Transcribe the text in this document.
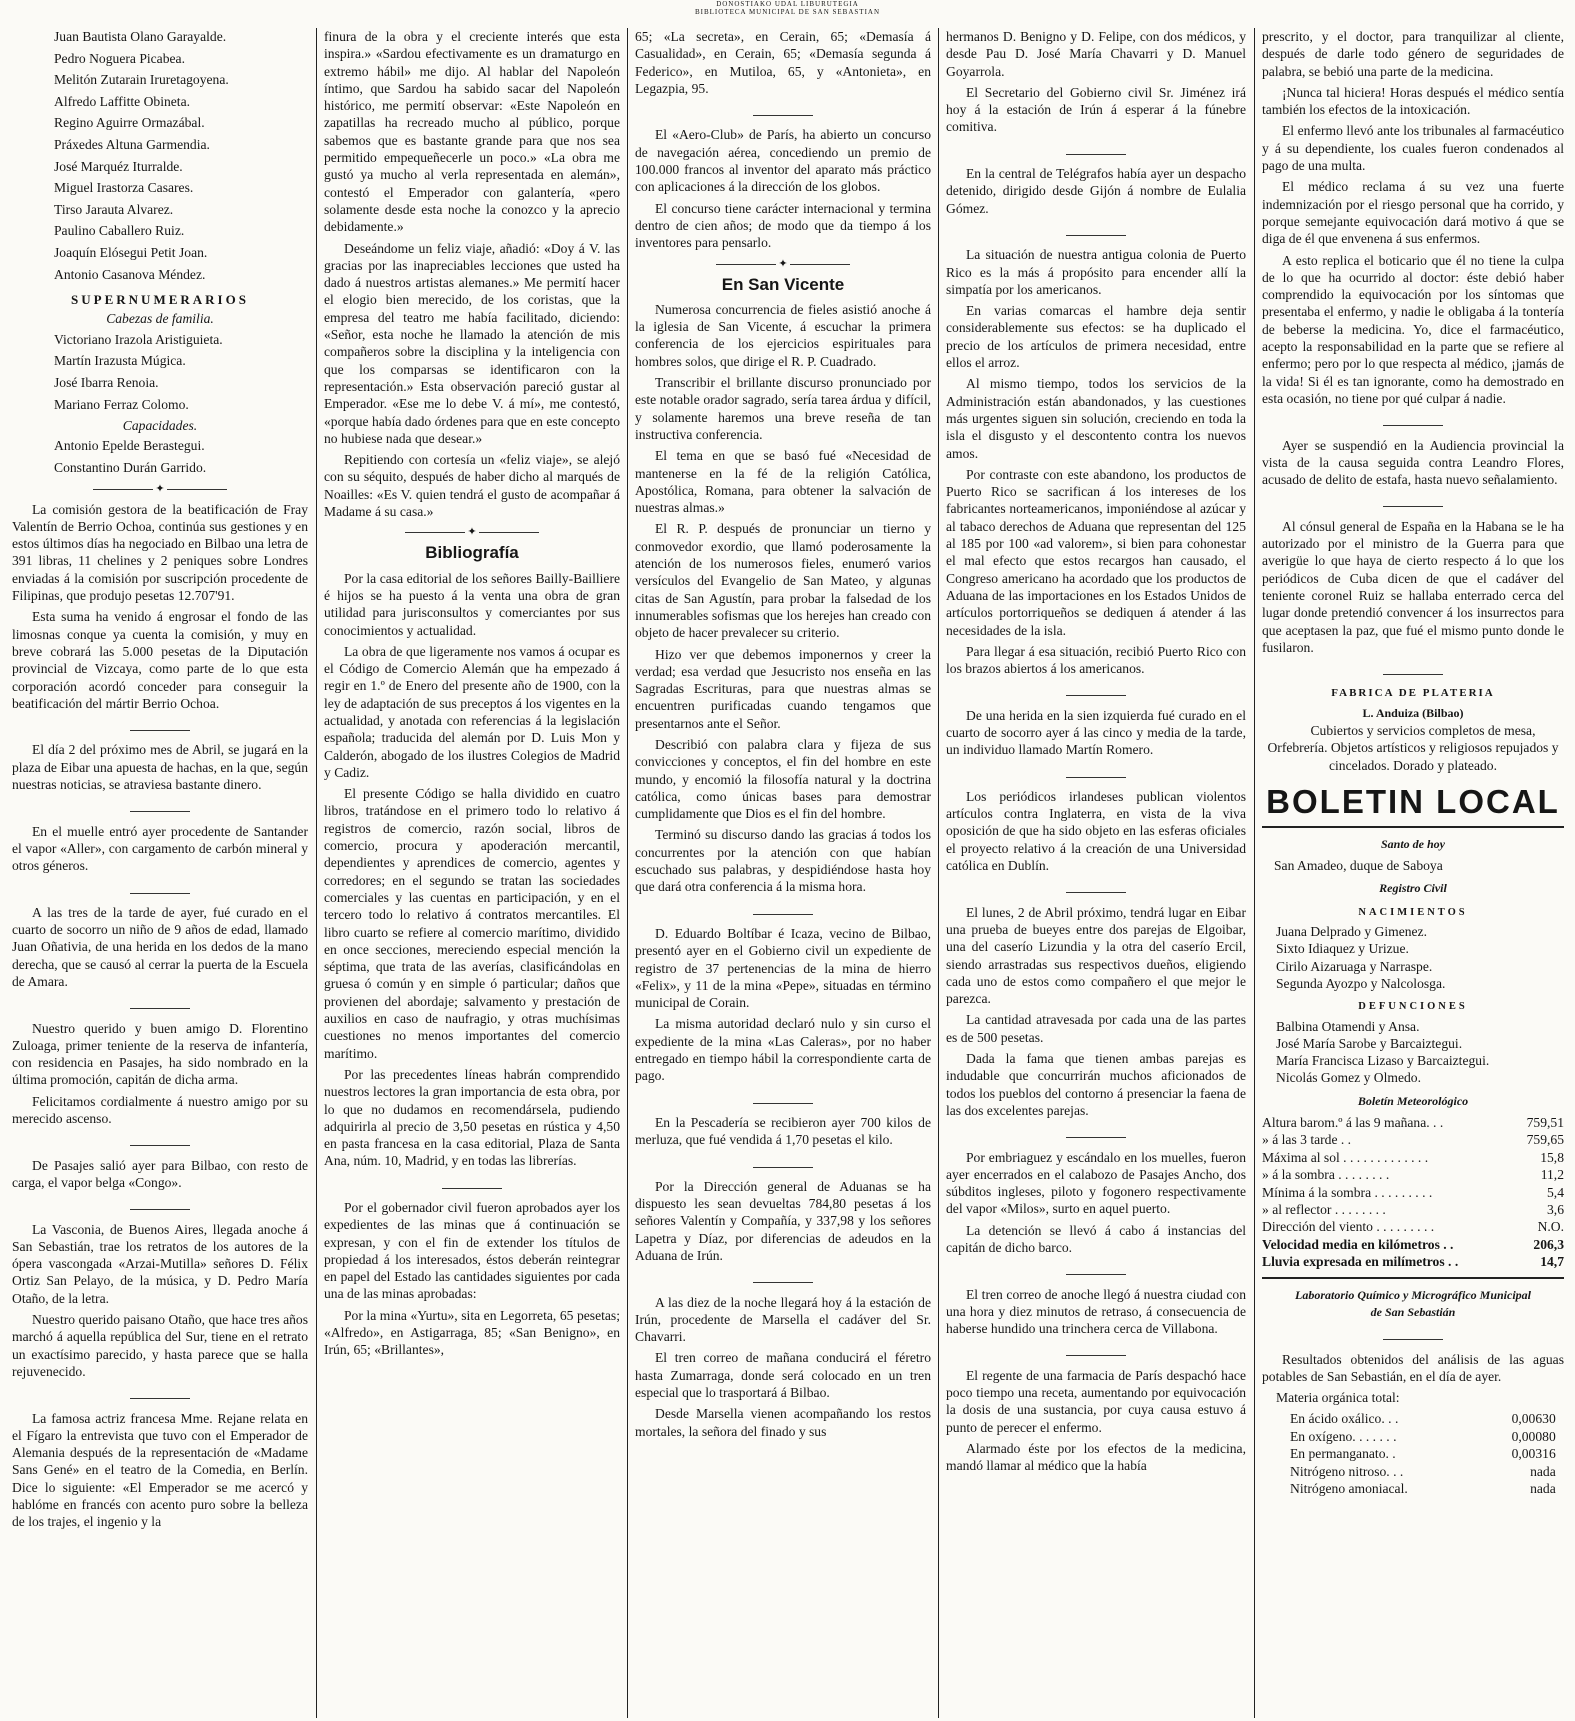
DONOSTIAKO UDAL LIBURUTEGIA
BIBLIOTECA MUNICIPAL DE SAN SEBASTIAN

Juan Bautista Olano Garayalde.

Pedro Noguera Picabea.

Melitón Zutarain Iruretagoyena.

Alfredo Laffitte Obineta.

Regino Aguirre Ormazábal.

Práxedes Altuna Garmendia.

José Marquéz Iturralde.

Miguel Irastorza Casares.

Tirso Jarauta Alvarez.

Paulino Caballero Ruiz.

Joaquín Elósegui Petit Joan.

Antonio Casanova Méndez.

SUPERNUMERARIOS
Cabezas de familia.

Victoriano Irazola Aristiguieta.

Martín Irazusta Múgica.

José Ibarra Renoia.

Mariano Ferraz Colomo.

Capacidades.

Antonio Epelde Berastegui.

Constantino Durán Garrido.

✦

La comisión gestora de la beatificación de Fray Valentín de Berrio Ochoa, continúa sus gestiones y en estos últimos días ha negociado en Bilbao una letra de 391 libras, 11 chelines y 2 peniques sobre Londres enviadas á la comisión por suscripción procedente de Filipinas, que produjo pesetas 12.707'91.

Esta suma ha venido á engrosar el fondo de las limosnas conque ya cuenta la comisión, y muy en breve cobrará las 5.000 pesetas de la Diputación provincial de Vizcaya, como parte de lo que esta corporación acordó conceder para conseguir la beatificación del mártir Berrio Ochoa.

El día 2 del próximo mes de Abril, se jugará en la plaza de Eibar una apuesta de hachas, en la que, según nuestras noticias, se atraviesa bastante dinero.

En el muelle entró ayer procedente de Santander el vapor «Aller», con cargamento de carbón mineral y otros géneros.

A las tres de la tarde de ayer, fué curado en el cuarto de socorro un niño de 9 años de edad, llamado Juan Oñativia, de una herida en los dedos de la mano derecha, que se causó al cerrar la puerta de la Escuela de Amara.

Nuestro querido y buen amigo D. Florentino Zuloaga, primer teniente de la reserva de infantería, con residencia en Pasajes, ha sido nombrado en la última promoción, capitán de dicha arma.

Felicitamos cordialmente á nuestro amigo por su merecido ascenso.

De Pasajes salió ayer para Bilbao, con resto de carga, el vapor belga «Congo».

La Vasconia, de Buenos Aires, llegada anoche á San Sebastián, trae los retratos de los autores de la ópera vascongada «Arzai-Mutilla» señores D. Félix Ortiz San Pelayo, de la música, y D. Pedro María Otaño, de la letra.

Nuestro querido paisano Otaño, que hace tres años marchó á aquella república del Sur, tiene en el retrato un exactísimo parecido, y hasta parece que se halla rejuvenecido.

La famosa actriz francesa Mme. Rejane relata en el Fígaro la entrevista que tuvo con el Emperador de Alemania después de la representación de «Madame Sans Gené» en el teatro de la Comedia, en Berlín. Dice lo siguiente: «El Emperador se me acercó y hablóme en francés con acento puro sobre la belleza de los trajes, el ingenio y la

finura de la obra y el creciente interés que esta inspira.» «Sardou efectivamente es un dramaturgo en extremo hábil» me dijo. Al hablar del Napoleón íntimo, que Sardou ha sabido sacar del Napoleón histórico, me permití observar: «Este Napoleón en zapatillas ha recreado mucho al público, porque sabemos que es bastante grande para que nos sea permitido empequeñecerle un poco.» «La obra me gustó ya mucho al verla representada en alemán», contestó el Emperador con galantería, «pero solamente desde esta noche la conozco y la aprecio debidamente.»

Deseándome un feliz viaje, añadió: «Doy á V. las gracias por las inapreciables lecciones que usted ha dado á nuestros artistas alemanes.» Me permití hacer el elogio bien merecido, de los coristas, que la empresa del teatro me había facilitado, diciendo: «Señor, esta noche he llamado la atención de mis compañeros sobre la disciplina y la inteligencia con que los comparsas se identificaron con la representación.» Esta observación pareció gustar al Emperador. «Ese me lo debe V. á mí», me contestó, «porque había dado órdenes para que en este concepto no hubiese nada que desear.»

Repitiendo con cortesía un «feliz viaje», se alejó con su séquito, después de haber dicho al marqués de Noailles: «Es V. quien tendrá el gusto de acompañar á Madame á su casa.»

✦
Bibliografía

Por la casa editorial de los señores Bailly-Bailliere é hijos se ha puesto á la venta una obra de gran utilidad para jurisconsultos y comerciantes por sus conocimientos y actualidad.

La obra de que ligeramente nos vamos á ocupar es el Código de Comercio Alemán que ha empezado á regir en 1.º de Enero del presente año de 1900, con la ley de adaptación de sus preceptos á los vigentes en la actualidad, y anotada con referencias á la legislación española; traducida del alemán por D. Luis Mon y Calderón, abogado de los ilustres Colegios de Madrid y Cadiz.

El presente Código se halla dividido en cuatro libros, tratándose en el primero todo lo relativo á registros de comercio, razón social, libros de comercio, procura y apoderación mercantil, dependientes y aprendices de comercio, agentes y corredores; en el segundo se tratan las sociedades comerciales y las cuentas en participación, y en el tercero todo lo relativo á contratos mercantiles. El libro cuarto se refiere al comercio marítimo, dividido en once secciones, mereciendo especial mención la séptima, que trata de las averías, clasificándolas en gruesa ó común y en simple ó particular; daños que provienen del abordaje; salvamento y prestación de auxilios en caso de naufragio, y otras muchísimas cuestiones no menos importantes del comercio marítimo.

Por las precedentes líneas habrán comprendido nuestros lectores la gran importancia de esta obra, por lo que no dudamos en recomendársela, pudiendo adquirirla al precio de 3,50 pesetas en rústica y 4,50 en pasta francesa en la casa editorial, Plaza de Santa Ana, núm. 10, Madrid, y en todas las librerías.

Por el gobernador civil fueron aprobados ayer los expedientes de las minas que á continuación se expresan, y con el fin de extender los títulos de propiedad á los interesados, éstos deberán reintegrar en papel del Estado las cantidades siguientes por cada una de las minas aprobadas:

Por la mina «Yurtu», sita en Legorreta, 65 pesetas; «Alfredo», en Astigarraga, 85; «San Benigno», en Irún, 65; «Brillantes»,

65; «La secreta», en Cerain, 65; «Demasía á Casualidad», en Cerain, 65; «Demasía segunda á Federico», en Mutiloa, 65, y «Antonieta», en Legazpia, 95.

El «Aero-Club» de París, ha abierto un concurso de navegación aérea, concediendo un premio de 100.000 francos al inventor del aparato más práctico con aplicaciones á la dirección de los globos.

El concurso tiene carácter internacional y termina dentro de cien años; de modo que da tiempo á los inventores para pensarlo.

✦
En San Vicente

Numerosa concurrencia de fieles asistió anoche á la iglesia de San Vicente, á escuchar la primera conferencia de los ejercicios espirituales para hombres solos, que dirige el R. P. Cuadrado.

Transcribir el brillante discurso pronunciado por este notable orador sagrado, sería tarea árdua y difícil, y solamente haremos una breve reseña de tan instructiva conferencia.

El tema en que se basó fué «Necesidad de mantenerse en la fé de la religión Católica, Apostólica, Romana, para obtener la salvación de nuestras almas.»

El R. P. después de pronunciar un tierno y conmovedor exordio, que llamó poderosamente la atención de los numerosos fieles, enumeró varios versículos del Evangelio de San Mateo, y algunas citas de San Agustín, para probar la falsedad de los innumerables sofismas que los herejes han creado con objeto de hacer prevalecer su criterio.

Hizo ver que debemos imponernos y creer la verdad; esa verdad que Jesucristo nos enseña en las Sagradas Escrituras, para que nuestras almas se encuentren purificadas cuando tengamos que presentarnos ante el Señor.

Describió con palabra clara y fijeza de sus convicciones y conceptos, el fin del hombre en este mundo, y encomió la filosofía natural y la doctrina católica, como únicas bases para demostrar cumplidamente que Dios es el fin del hombre.

Terminó su discurso dando las gracias á todos los concurrentes por la atención con que habían escuchado sus palabras, y despidiéndose hasta hoy que dará otra conferencia á la misma hora.

D. Eduardo Boltíbar é Icaza, vecino de Bilbao, presentó ayer en el Gobierno civil un expediente de registro de 37 pertenencias de la mina de hierro «Felix», y 11 de la mina «Pepe», situadas en término municipal de Corain.

La misma autoridad declaró nulo y sin curso el expediente de la mina «Las Caleras», por no haber entregado en tiempo hábil la correspondiente carta de pago.

En la Pescadería se recibieron ayer 700 kilos de merluza, que fué vendida á 1,70 pesetas el kilo.

Por la Dirección general de Aduanas se ha dispuesto les sean devueltas 784,80 pesetas á los señores Valentín y Compañía, y 337,98 y los señores Lapetra y Díaz, por diferencias de adeudos en la Aduana de Irún.

A las diez de la noche llegará hoy á la estación de Irún, procedente de Marsella el cadáver del Sr. Chavarri.

El tren correo de mañana conducirá el féretro hasta Zumarraga, donde será colocado en un tren especial que lo trasportará á Bilbao.

Desde Marsella vienen acompañando los restos mortales, la señora del finado y sus

hermanos D. Benigno y D. Felipe, con dos médicos, y desde Pau D. José María Chavarri y D. Manuel Goyarrola.

El Secretario del Gobierno civil Sr. Jiménez irá hoy á la estación de Irún á esperar á la fúnebre comitiva.

En la central de Telégrafos había ayer un despacho detenido, dirigido desde Gijón á nombre de Eulalia Gómez.

La situación de nuestra antigua colonia de Puerto Rico es la más á propósito para encender allí la simpatía por los americanos.

En varias comarcas el hambre deja sentir considerablemente sus efectos: se ha duplicado el precio de los artículos de primera necesidad, entre ellos el arroz.

Al mismo tiempo, todos los servicios de la Administración están abandonados, y las cuestiones más urgentes siguen sin solución, creciendo en toda la isla el disgusto y el descontento contra los nuevos amos.

Por contraste con este abandono, los productos de Puerto Rico se sacrifican á los intereses de los fabricantes norteamericanos, imponiéndose al azúcar y al tabaco derechos de Aduana que representan del 125 al 185 por 100 «ad valorem», si bien para cohonestar el mal efecto que estos recargos han causado, el Congreso americano ha acordado que los productos de Aduana de las importaciones en los Estados Unidos de artículos portorriqueños se dediquen á atender á las necesidades de la isla.

Para llegar á esa situación, recibió Puerto Rico con los brazos abiertos á los americanos.

De una herida en la sien izquierda fué curado en el cuarto de socorro ayer á las cinco y media de la tarde, un individuo llamado Martín Romero.

Los periódicos irlandeses publican violentos artículos contra Inglaterra, en vista de la viva oposición de que ha sido objeto en las esferas oficiales el proyecto relativo á la creación de una Universidad católica en Dublín.

El lunes, 2 de Abril próximo, tendrá lugar en Eibar una prueba de bueyes entre dos parejas de Elgoibar, una del caserío Lizundia y la otra del caserío Ercil, siendo arrastradas sus respectivos dueños, eligiendo cada uno de estos como compañero el que mejor le parezca.

La cantidad atravesada por cada una de las partes es de 500 pesetas.

Dada la fama que tienen ambas parejas es indudable que concurrirán muchos aficionados de todos los pueblos del contorno á presenciar la faena de las dos excelentes parejas.

Por embriaguez y escándalo en los muelles, fueron ayer encerrados en el calabozo de Pasajes Ancho, dos súbditos ingleses, piloto y fogonero respectivamente del vapor «Milos», surto en aquel puerto.

La detención se llevó á cabo á instancias del capitán de dicho barco.

El tren correo de anoche llegó á nuestra ciudad con una hora y diez minutos de retraso, á consecuencia de haberse hundido una trinchera cerca de Villabona.

El regente de una farmacia de París despachó hace poco tiempo una receta, aumentando por equivocación la dosis de una sustancia, por cuya causa estuvo á punto de perecer el enfermo.

Alarmado éste por los efectos de la medicina, mandó llamar al médico que la había

prescrito, y el doctor, para tranquilizar al cliente, después de darle todo género de seguridades de palabra, se bebió una parte de la medicina.

¡Nunca tal hiciera! Horas después el médico sentía también los efectos de la intoxicación.

El enfermo llevó ante los tribunales al farmacéutico y á su dependiente, los cuales fueron condenados al pago de una multa.

El médico reclama á su vez una fuerte indemnización por el riesgo personal que ha corrido, y porque semejante equivocación dará motivo á que se diga de él que envenena á sus enfermos.

A esto replica el boticario que él no tiene la culpa de lo que ha ocurrido al doctor: éste debió haber comprendido la equivocación por los síntomas que presentaba el enfermo, y nadie le obligaba á la tontería de beberse la medicina. Yo, dice el farmacéutico, acepto la responsabilidad en la parte que se refiere al enfermo; pero por lo que respecta al médico, ¡jamás de la vida! Si él es tan ignorante, como ha demostrado en esta ocasión, no tiene por qué culpar á nadie.

Ayer se suspendió en la Audiencia provincial la vista de la causa seguida contra Leandro Flores, acusado de delito de estafa, hasta nuevo señalamiento.

Al cónsul general de España en la Habana se le ha autorizado por el ministro de la Guerra para que averigüe lo que haya de cierto respecto á lo que los periódicos de Cuba dicen de que el cadáver del teniente coronel Ruiz se hallaba enterrado cerca del lugar donde pretendió convencer á los insurrectos para que aceptasen la paz, que fué el mismo punto donde le fusilaron.

FABRICA DE PLATERIA
L. Anduiza (Bilbao)

Cubiertos y servicios completos de mesa, Orfebrería. Objetos artísticos y religiosos repujados y cincelados. Dorado y plateado.

BOLETIN LOCAL
Santo de hoy

San Amadeo, duque de Saboya

Registro Civil
NACIMIENTOS

Juana Delprado y Gimenez.

Sixto Idiaquez y Urizue.

Cirilo Aizaruaga y Narraspe.

Segunda Ayozpo y Nalcolosga.

DEFUNCIONES

Balbina Otamendi y Ansa.

José María Sarobe y Barcaiztegui.

María Francisca Lizaso y Barcaiztegui.

Nicolás Gomez y Olmedo.

Boletín Meteorológico
Altura barom.º á las 9 mañana. . .	759,51
» á las 3 tarde . .	759,65
Máxima al sol . . . . . . . . . . . . .	15,8
» á la sombra . . . . . . . .	11,2
Mínima á la sombra . . . . . . . . .	5,4
» al reflector . . . . . . . .	3,6
Dirección del viento . . . . . . . . .	N.O.
Velocidad media en kilómetros . .	206,3
Lluvia expresada en milímetros . .	14,7
Laboratorio Químico y Micrográfico Municipal de San Sebastián

Resultados obtenidos del análisis de las aguas potables de San Sebastián, en el día de ayer.

Materia orgánica total:

En ácido oxálico. . .	0,00630
En oxígeno. . . . . . .	0,00080
En permanganato. .	0,00316
Nitrógeno nitroso. . .	nada
Nitrógeno amoniacal.	nada
